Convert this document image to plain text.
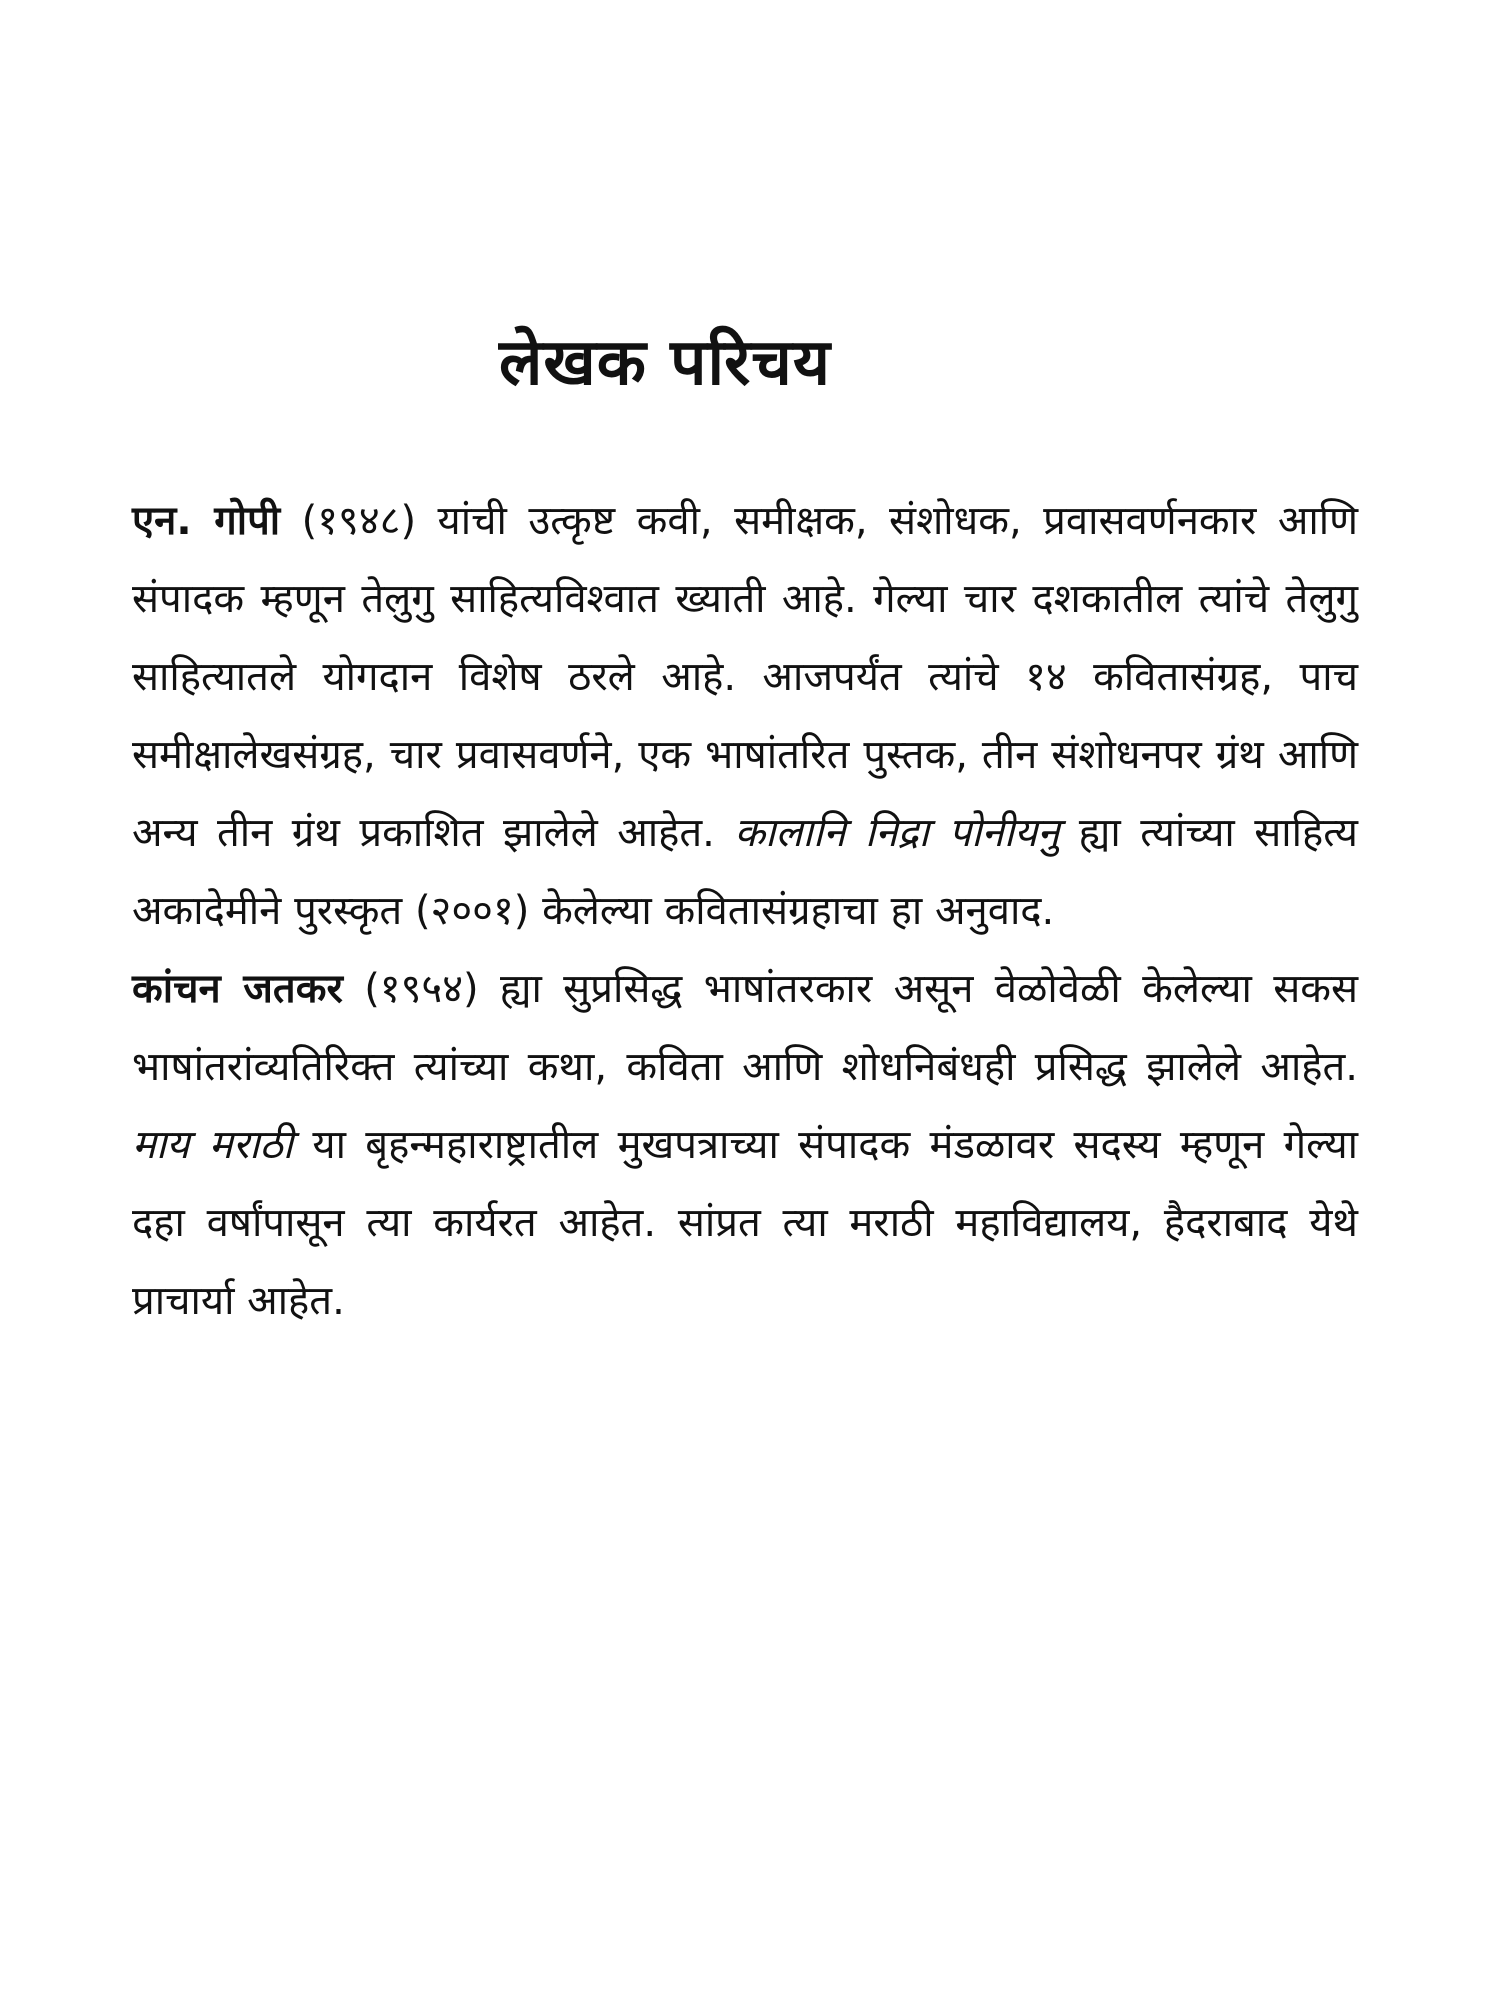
लेखक परिचय

एन. गोपी (१९४८) यांची उत्कृष्ट कवी, समीक्षक, संशोधक, प्रवासवर्णनकार आणि संपादक म्हणून तेलुगु साहित्यविश्वात ख्याती आहे. गेल्या चार दशकातील त्यांचे तेलुगु साहित्यातले योगदान विशेष ठरले आहे. आजपर्यंत त्यांचे १४ कवितासंग्रह, पाच समीक्षालेखसंग्रह, चार प्रवासवर्णने, एक भाषांतरित पुस्तक, तीन संशोधनपर ग्रंथ आणि अन्य तीन ग्रंथ प्रकाशित झालेले आहेत. कालानि निद्रा पोनीयनु ह्या त्यांच्या साहित्य अकादेमीने पुरस्कृत (२००१) केलेल्या कवितासंग्रहाचा हा अनुवाद.

कांचन जतकर (१९५४) ह्या सुप्रसिद्ध भाषांतरकार असून वेळोवेळी केलेल्या सकस भाषांतरांव्यतिरिक्त त्यांच्या कथा, कविता आणि शोधनिबंधही प्रसिद्ध झालेले आहेत. माय मराठी या बृहन्महाराष्ट्रातील मुखपत्राच्या संपादक मंडळावर सदस्य म्हणून गेल्या दहा वर्षांपासून त्या कार्यरत आहेत. सांप्रत त्या मराठी महाविद्यालय, हैदराबाद येथे प्राचार्या आहेत.
